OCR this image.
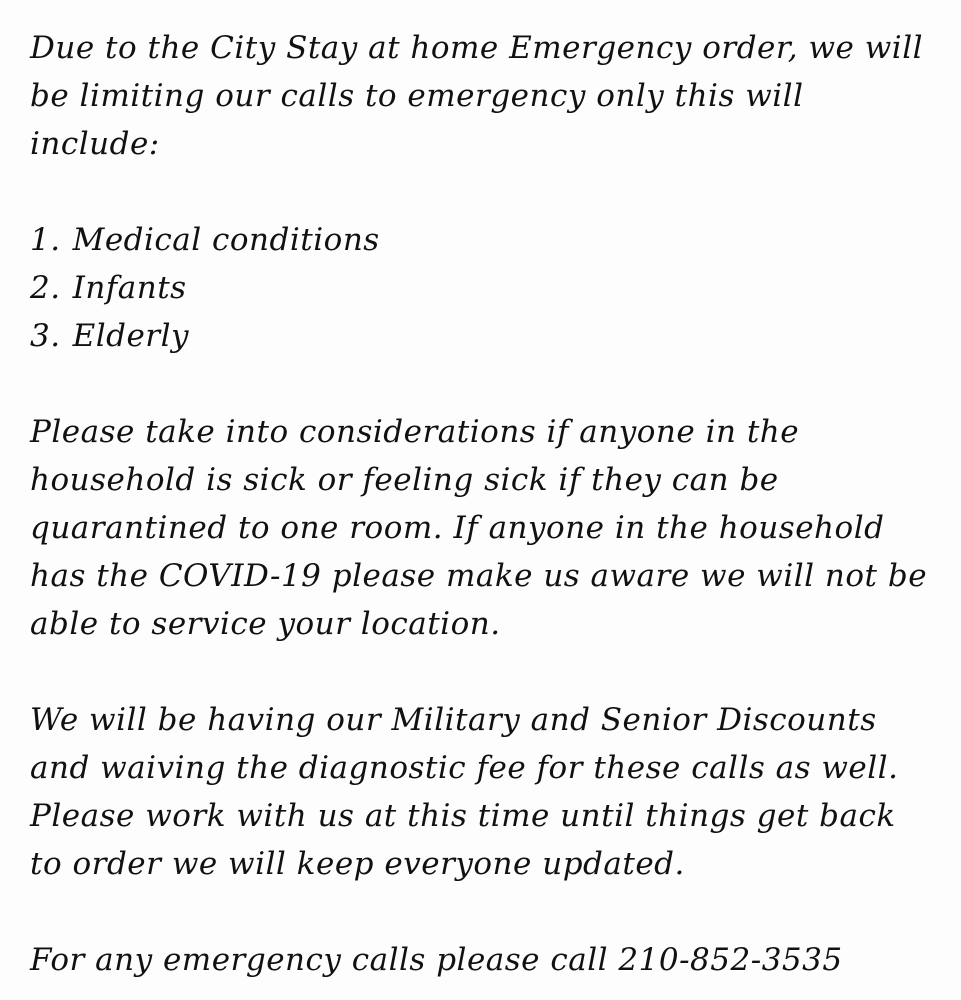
Due to the City Stay at home Emergency order, we will be limiting our calls to emergency only this will include:

1. Medical conditions
2. Infants
3. Elderly

Please take into considerations if anyone in the household is sick or feeling sick if they can be quarantined to one room. If anyone in the household has the COVID-19 please make us aware we will not be able to service your location.

We will be having our Military and Senior Discounts and waiving the diagnostic fee for these calls as well. Please work with us at this time until things get back to order we will keep everyone updated.

For any emergency calls please call 210-852-3535
